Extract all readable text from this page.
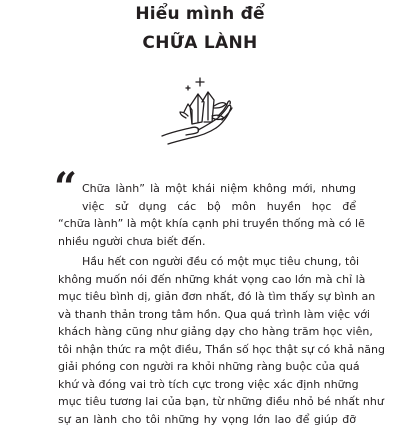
Hiểu mình để
CHỮA LÀNH
“ Chữa lành” là một khái niệm không mới, nhưng
việc sử dụng các bộ môn huyền học để
“chữa lành” là một khía cạnh phi truyền thống mà có lẽ
nhiều người chưa biết đến.
Hầu hết con người đều có một mục tiêu chung, tôi
không muốn nói đến những khát vọng cao lớn mà chỉ là
mục tiêu bình dị, giản đơn nhất, đó là tìm thấy sự bình an
và thanh thản trong tâm hồn. Qua quá trình làm việc với
khách hàng cũng như giảng dạy cho hàng trăm học viên,
tôi nhận thức ra một điều, Thần số học thật sự có khả năng
giải phóng con người ra khỏi những ràng buộc của quá
khứ và đóng vai trò tích cực trong việc xác định những
mục tiêu tương lai của bạn, từ những điều nhỏ bé nhất như
sự an lành cho tôi những hy vọng lớn lao để giúp đỡ
